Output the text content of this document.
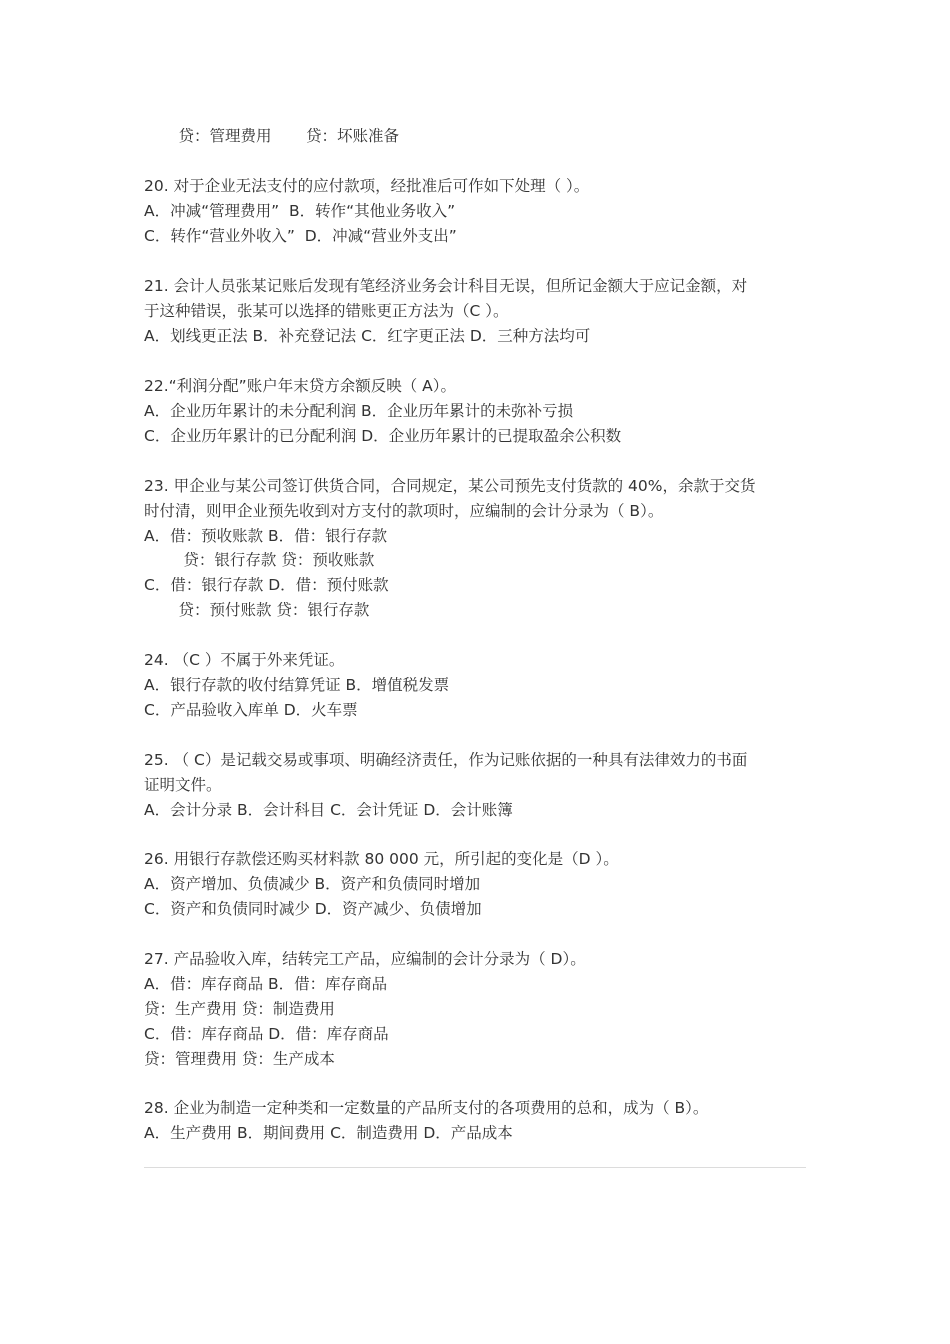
贷：管理费用       贷：坏账准备
20. 对于企业无法支付的应付款项，经批准后可作如下处理（ ）。
A．冲减“管理费用”  B．转作“其他业务收入”
C．转作“营业外收入”  D．冲减“营业外支出”
21. 会计人员张某记账后发现有笔经济业务会计科目无误，但所记金额大于应记金额，对
于这种错误，张某可以选择的错账更正方法为（C ）。
A．划线更正法 B．补充登记法 C．红字更正法 D．三种方法均可
22.“利润分配”账户年末贷方余额反映（ A）。
A．企业历年累计的未分配利润 B．企业历年累计的未弥补亏损
C．企业历年累计的已分配利润 D．企业历年累计的已提取盈余公积数
23. 甲企业与某公司签订供货合同，合同规定，某公司预先支付货款的 40%，余款于交货
时付清，则甲企业预先收到对方支付的款项时，应编制的会计分录为（ B）。
A．借：预收账款 B．借：银行存款
贷：银行存款 贷：预收账款
C．借：银行存款 D．借：预付账款
贷：预付账款 贷：银行存款
24. （C ）不属于外来凭证。
A．银行存款的收付结算凭证 B．增值税发票
C．产品验收入库单 D．火车票
25. （ C）是记载交易或事项、明确经济责任，作为记账依据的一种具有法律效力的书面
证明文件。
A．会计分录 B．会计科目 C．会计凭证 D．会计账簿
26. 用银行存款偿还购买材料款 80 000 元，所引起的变化是（D ）。
A．资产增加、负债减少 B．资产和负债同时增加
C．资产和负债同时减少 D．资产减少、负债增加
27. 产品验收入库，结转完工产品，应编制的会计分录为（ D）。
A．借：库存商品 B．借：库存商品
贷：生产费用 贷：制造费用
C．借：库存商品 D．借：库存商品
贷：管理费用 贷：生产成本
28. 企业为制造一定种类和一定数量的产品所支付的各项费用的总和，成为（ B）。
A．生产费用 B．期间费用 C．制造费用 D．产品成本
